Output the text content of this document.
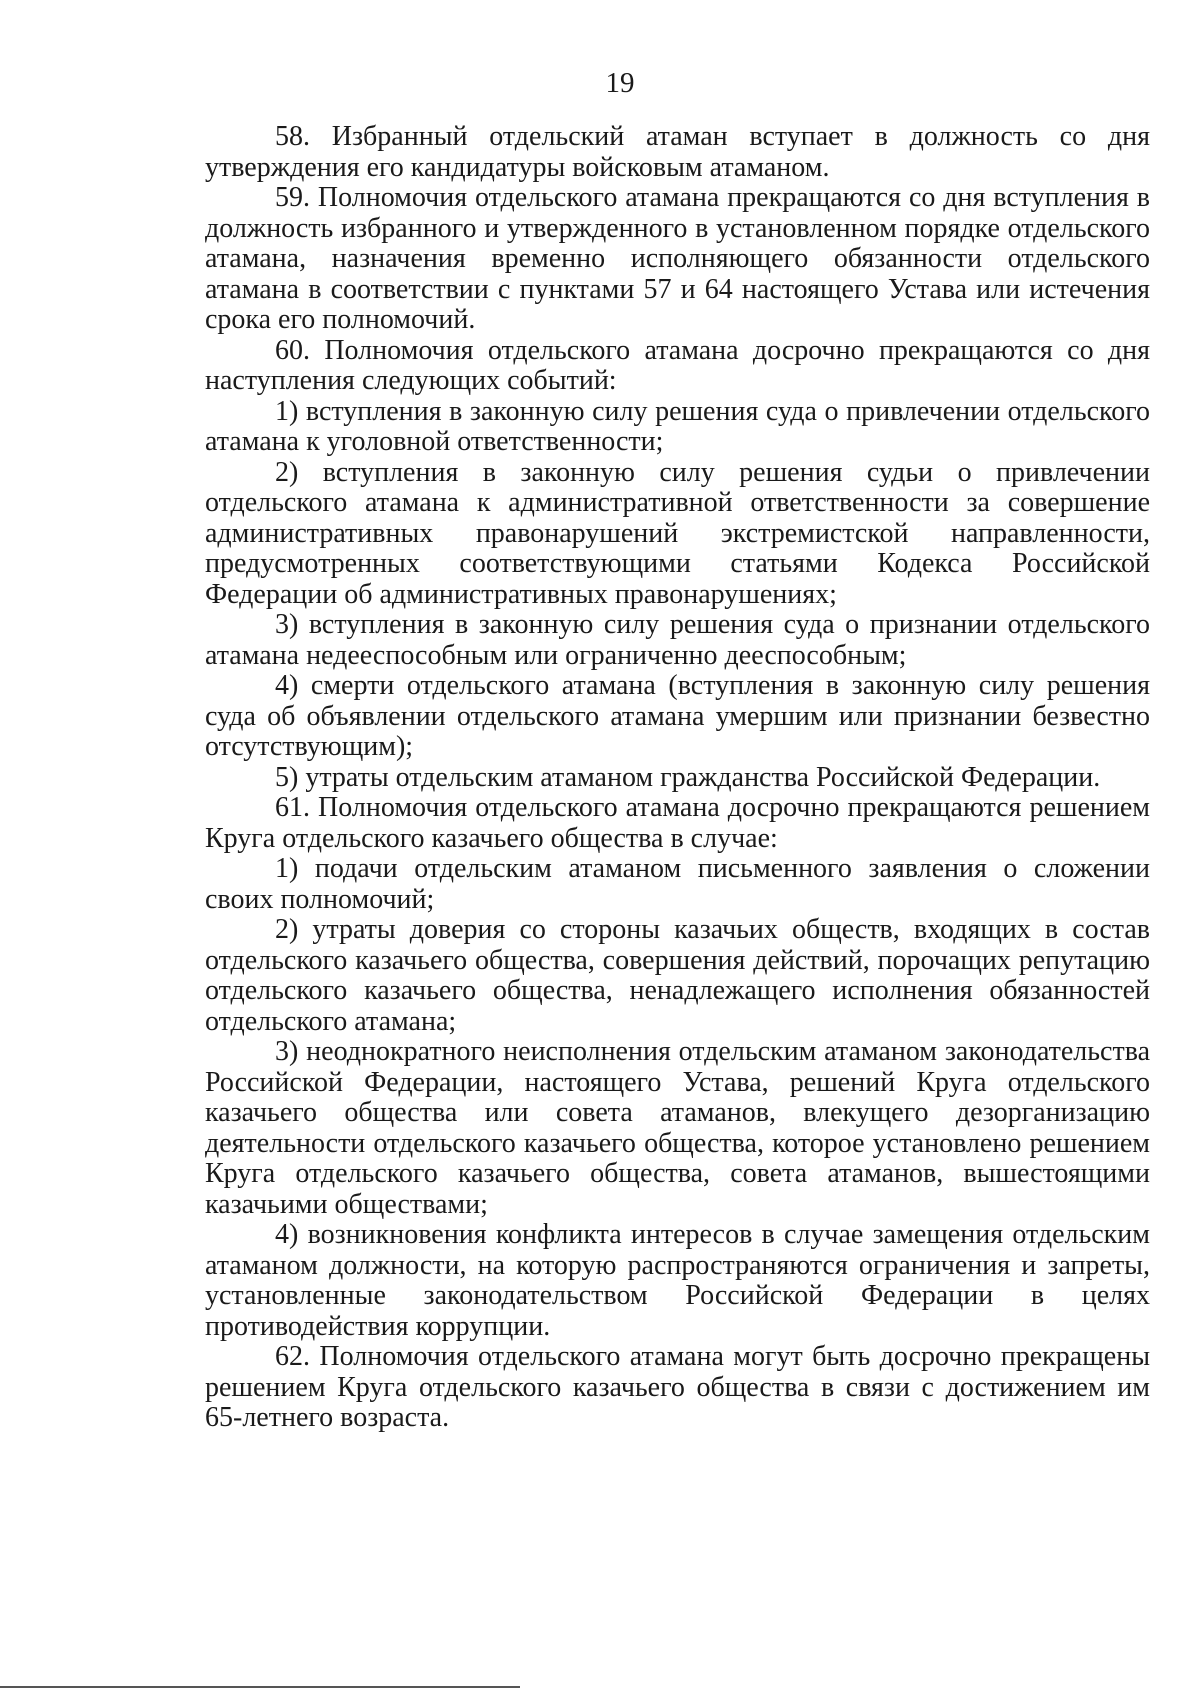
19

58. Избранный отдельский атаман вступает в должность со дня утверждения его кандидатуры войсковым атаманом.

59. Полномочия отдельского атамана прекращаются со дня вступления в должность избранного и утвержденного в установленном порядке отдельского атамана, назначения временно исполняющего обязанности отдельского атамана в соответствии с пунктами 57 и 64 настоящего Устава или истечения срока его полномочий.

60. Полномочия отдельского атамана досрочно прекращаются со дня наступления следующих событий:

1) вступления в законную силу решения суда о привлечении отдельского атамана к уголовной ответственности;

2) вступления в законную силу решения судьи о привлечении отдельского атамана к административной ответственности за совершение административных правонарушений экстремистской направленности, предусмотренных соответствующими статьями Кодекса Российской Федерации об административных правонарушениях;

3) вступления в законную силу решения суда о признании отдельского атамана недееспособным или ограниченно дееспособным;

4) смерти отдельского атамана (вступления в законную силу решения суда об объявлении отдельского атамана умершим или признании безвестно отсутствующим);

5) утраты отдельским атаманом гражданства Российской Федерации.

61. Полномочия отдельского атамана досрочно прекращаются решением Круга отдельского казачьего общества в случае:

1) подачи отдельским атаманом письменного заявления о сложении своих полномочий;

2) утраты доверия со стороны казачьих обществ, входящих в состав отдельского казачьего общества, совершения действий, порочащих репутацию отдельского казачьего общества, ненадлежащего исполнения обязанностей отдельского атамана;

3) неоднократного неисполнения отдельским атаманом законодательства Российской Федерации, настоящего Устава, решений Круга отдельского казачьего общества или совета атаманов, влекущего дезорганизацию деятельности отдельского казачьего общества, которое установлено решением Круга отдельского казачьего общества, совета атаманов, вышестоящими казачьими обществами;

4) возникновения конфликта интересов в случае замещения отдельским атаманом должности, на которую распространяются ограничения и запреты, установленные законодательством Российской Федерации в целях противодействия коррупции.

62. Полномочия отдельского атамана могут быть досрочно прекращены решением Круга отдельского казачьего общества в связи с достижением им 65-летнего возраста.
